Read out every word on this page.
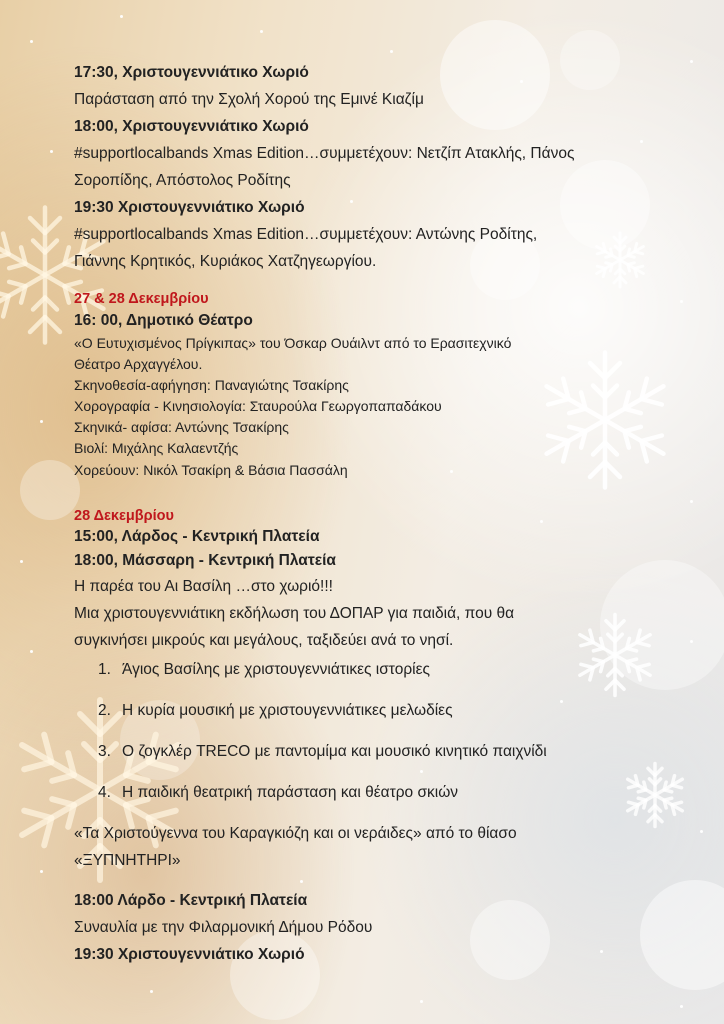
17:30, Χριστουγεννιάτικο Χωριό
Παράσταση από την Σχολή Χορού της Εμινέ Κιαζίμ
18:00, Χριστουγεννιάτικο Χωριό
#supportlocalbands Xmas Edition…συμμετέχουν: Νετζίπ Ατακλής, Πάνος
Σοροπίδης, Απόστολος Ροδίτης
19:30 Χριστουγεννιάτικο Χωριό
#supportlocalbands Xmas Edition…συμμετέχουν: Αντώνης Ροδίτης,
Γιάννης Κρητικός, Κυριάκος Χατζηγεωργίου.
27 & 28 Δεκεμβρίου
16: 00, Δημοτικό Θέατρο
«Ο Ευτυχισμένος Πρίγκιπας» του Όσκαρ Ουάιλντ από το Ερασιτεχνικό
Θέατρο Αρχαγγέλου.
Σκηνοθεσία-αφήγηση: Παναγιώτης Τσακίρης
Χορογραφία - Κινησιολογία: Σταυρούλα Γεωργοπαπαδάκου
Σκηνικά- αφίσα: Αντώνης Τσακίρης
Βιολί: Μιχάλης Καλαεντζής
Χορεύουν: Νικόλ Τσακίρη & Βάσια Πασσάλη
28 Δεκεμβρίου
15:00, Λάρδος - Κεντρική Πλατεία
18:00, Μάσσαρη - Κεντρική Πλατεία
Η παρέα του Αι Βασίλη …στο χωριό!!!
Μια χριστουγεννιάτικη εκδήλωση του ΔΟΠΑΡ για παιδιά, που θα
συγκινήσει μικρούς και μεγάλους, ταξιδεύει ανά το νησί.
1. Άγιος Βασίλης με χριστουγεννιάτικες ιστορίες
2. Η κυρία μουσική με χριστουγεννιάτικες μελωδίες
3. Ο ζογκλέρ TRECO με παντομίμα και μουσικό κινητικό παιχνίδι
4. Η παιδική θεατρική παράσταση και θέατρο σκιών
«Τα Χριστούγεννα του Καραγκιόζη και οι νεράιδες» από το θίασο
«ΞΥΠΝΗΤΗΡΙ»
18:00 Λάρδο - Κεντρική Πλατεία
Συναυλία με την Φιλαρμονική Δήμου Ρόδου
19:30 Χριστουγεννιάτικο Χωριό
